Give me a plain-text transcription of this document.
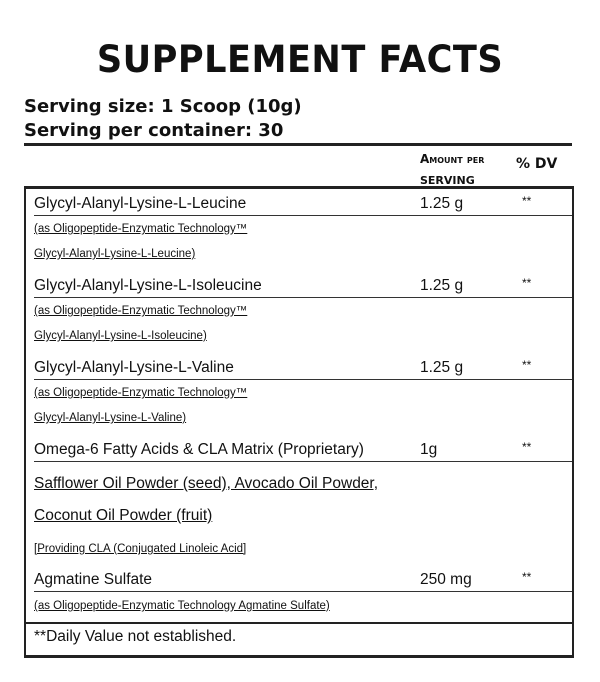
SUPPLEMENT FACTS
Serving size: 1 Scoop (10g)
Serving per container: 30
Amount per
SERVING
% DV
Glycyl-Alanyl-Lysine-L-Leucine	1.25 g	**
(as Oligopeptide-Enzymatic Technology™
Glycyl-Alanyl-Lysine-L-Leucine)
Glycyl-Alanyl-Lysine-L-Isoleucine	1.25 g	**
(as Oligopeptide-Enzymatic Technology™
Glycyl-Alanyl-Lysine-L-Isoleucine)
Glycyl-Alanyl-Lysine-L-Valine	1.25 g	**
(as Oligopeptide-Enzymatic Technology™
Glycyl-Alanyl-Lysine-L-Valine)
Omega-6 Fatty Acids & CLA Matrix (Proprietary)	1g	**
Safflower Oil Powder (seed), Avocado Oil Powder,
Coconut Oil Powder (fruit)
[Providing CLA (Conjugated Linoleic Acid]
Agmatine Sulfate	250 mg	**
(as Oligopeptide-Enzymatic Technology Agmatine Sulfate)
**Daily Value not established.
